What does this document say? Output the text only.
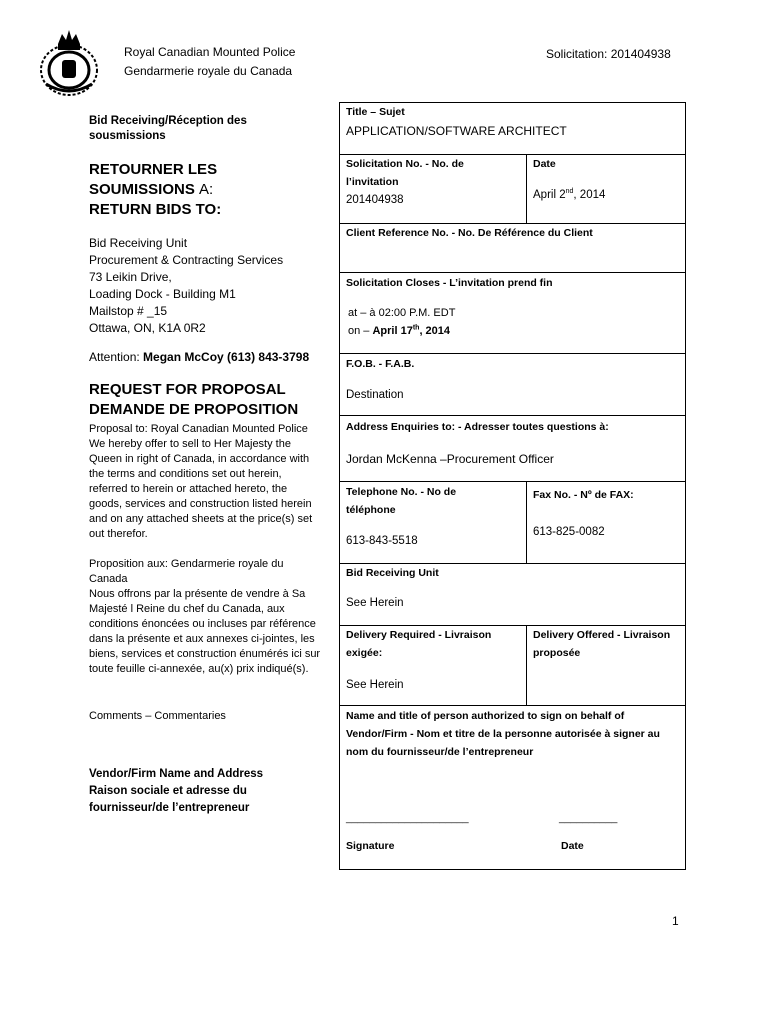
Royal Canadian Mounted Police
Gendarmerie royale du Canada
Solicitation: 201404938
Bid Receiving/Réception des
sousmissions
RETOURNER LES
SOUMISSIONS A:
RETURN BIDS TO:
Bid Receiving Unit
Procurement & Contracting Services
73 Leikin Drive,
Loading Dock - Building M1
Mailstop # _15
Ottawa, ON, K1A 0R2
Attention: Megan McCoy (613) 843-3798
REQUEST FOR PROPOSAL
DEMANDE DE PROPOSITION
Proposal to: Royal Canadian Mounted Police
We hereby offer to sell to Her Majesty the
Queen in right of Canada, in accordance with
the terms and conditions set out herein,
referred to herein or attached hereto, the
goods, services and construction listed herein
and on any attached sheets at the price(s) set
out therefor.
Proposition aux: Gendarmerie royale du
Canada
Nous offrons par la présente de vendre à Sa
Majesté l Reine du chef du Canada, aux
conditions énoncées ou incluses par référence
dans la présente et aux annexes ci-jointes, les
biens, services et construction énumérés ici sur
toute feuille ci-annexée, au(x) prix indiqué(s).
Comments – Commentaries
Vendor/Firm Name and Address
Raison sociale et adresse du
fournisseur/de l’entrepreneur
Title – Sujet
APPLICATION/SOFTWARE ARCHITECT
Solicitation No. - No. de
l’invitation
201404938
Date
April 2nd, 2014
Client Reference No. - No. De Référence du Client
Solicitation Closes - L’invitation prend fin
at – à 02:00 P.M. EDT
on – April 17th, 2014
F.O.B. - F.A.B.
Destination
Address Enquiries to: - Adresser toutes questions à:
Jordan McKenna –Procurement Officer
Telephone No. - No de
téléphone
613-843-5518
Fax No. - Nº de FAX:
613-825-0082
Bid Receiving Unit
See Herein
Delivery Required - Livraison
exigée:
See Herein
Delivery Offered - Livraison
proposée
Name and title of person authorized to sign on behalf of
Vendor/Firm - Nom et titre de la personne autorisée à signer au
nom du fournisseur/de l’entrepreneur
_____________________	__________
Signature	Date
1
